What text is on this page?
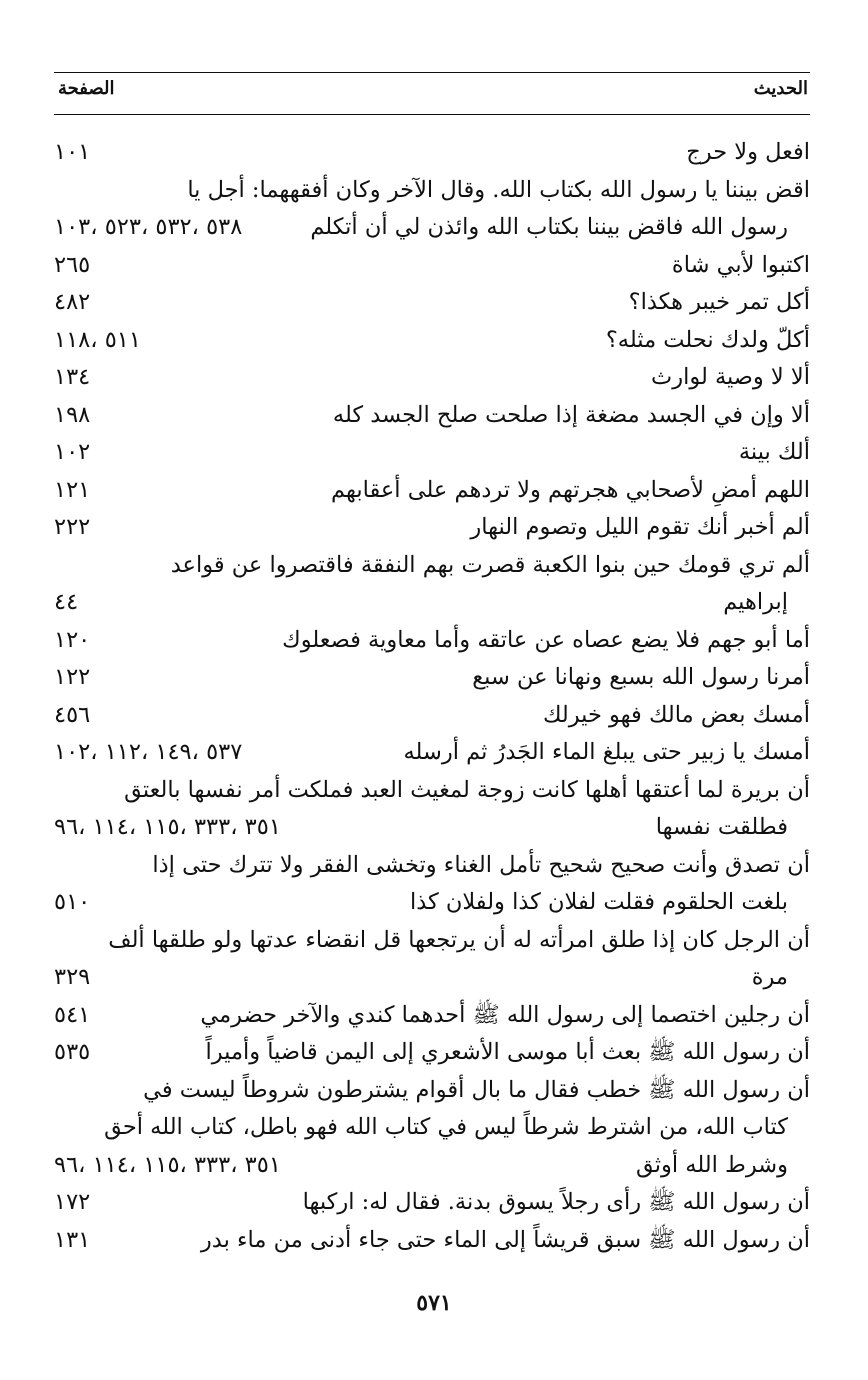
الحديث
الصفحة
افعل ولا حرج
١٠١
اقض بيننا يا رسول الله بكتاب الله. وقال الآخر وكان أفقههما: أجل يا
رسول الله فاقض بيننا بكتاب الله وائذن لي أن أتكلم
٥٣٨ ،٥٣٢ ،٥٢٣ ،١٠٣
اكتبوا لأبي شاة
٢٦٥
أكل تمر خيبر هكذا؟
٤٨٢
أكلّ ولدك نحلت مثله؟
٥١١ ،١١٨
ألا لا وصية لوارث
١٣٤
ألا وإن في الجسد مضغة إذا صلحت صلح الجسد كله
١٩٨
ألك بينة
١٠٢
اللهم أمضِ لأصحابي هجرتهم ولا تردهم على أعقابهم
١٢١
ألم أخبر أنك تقوم الليل وتصوم النهار
٢٢٢
ألم تري قومك حين بنوا الكعبة قصرت بهم النفقة فاقتصروا عن قواعد
إبراهيم
٤٤
أما أبو جهم فلا يضع عصاه عن عاتقه وأما معاوية فصعلوك
١٢٠
أمرنا رسول الله بسبع ونهانا عن سبع
١٢٢
أمسك بعض مالك فهو خيرلك
٤٥٦
أمسك يا زبير حتى يبلغ الماء الجَدرُ ثم أرسله
٥٣٧ ،١٤٩ ،١١٢ ،١٠٢
أن بريرة لما أعتقها أهلها كانت زوجة لمغيث العبد فملكت أمر نفسها بالعتق
فطلقت نفسها
٣٥١ ،٣٣٣ ،١١٥ ،١١٤ ،٩٦
أن تصدق وأنت صحيح شحيح تأمل الغناء وتخشى الفقر ولا تترك حتى إذا
بلغت الحلقوم فقلت لفلان كذا ولفلان كذا
٥١٠
أن الرجل كان إذا طلق امرأته له أن يرتجعها قل انقضاء عدتها ولو طلقها ألف
مرة
٣٢٩
أن رجلين اختصما إلى رسول الله ﷺ أحدهما كندي والآخر حضرمي
٥٤١
أن رسول الله ﷺ بعث أبا موسى الأشعري إلى اليمن قاضياً وأميراً
٥٣٥
أن رسول الله ﷺ خطب فقال ما بال أقوام يشترطون شروطاً ليست في
كتاب الله، من اشترط شرطاً ليس في كتاب الله فهو باطل، كتاب الله أحق
وشرط الله أوثق
٣٥١ ،٣٣٣ ،١١٥ ،١١٤ ،٩٦
أن رسول الله ﷺ رأى رجلاً يسوق بدنة. فقال له: اركبها
١٧٢
أن رسول الله ﷺ سبق قريشاً إلى الماء حتى جاء أدنى من ماء بدر
١٣١
٥٧١
